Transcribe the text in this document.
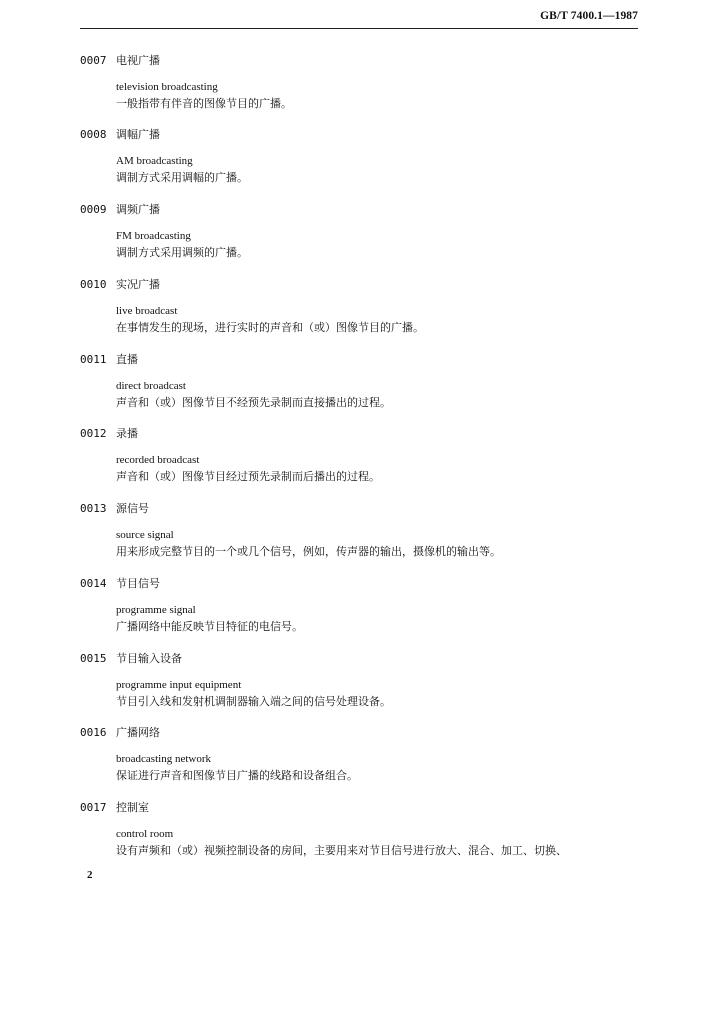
GB/T 7400.1—1987
0007 电视广播
television broadcasting
一般指带有伴音的图像节目的广播。
0008 调幅广播
AM broadcasting
调制方式采用调幅的广播。
0009 调频广播
FM broadcasting
调制方式采用调频的广播。
0010 实况广播
live broadcast
在事情发生的现场，进行实时的声音和（或）图像节目的广播。
0011 直播
direct broadcast
声音和（或）图像节目不经预先录制而直接播出的过程。
0012 录播
recorded broadcast
声音和（或）图像节目经过预先录制而后播出的过程。
0013 源信号
source signal
用来形成完整节目的一个或几个信号，例如，传声器的输出，摄像机的输出等。
0014 节目信号
programme signal
广播网络中能反映节目特征的电信号。
0015 节目输入设备
programme input equipment
节目引入线和发射机调制器输入端之间的信号处理设备。
0016 广播网络
broadcasting network
保证进行声音和图像节目广播的线路和设备组合。
0017 控制室
control room
设有声频和（或）视频控制设备的房间，主要用来对节目信号进行放大、混合、加工、切换、
2
